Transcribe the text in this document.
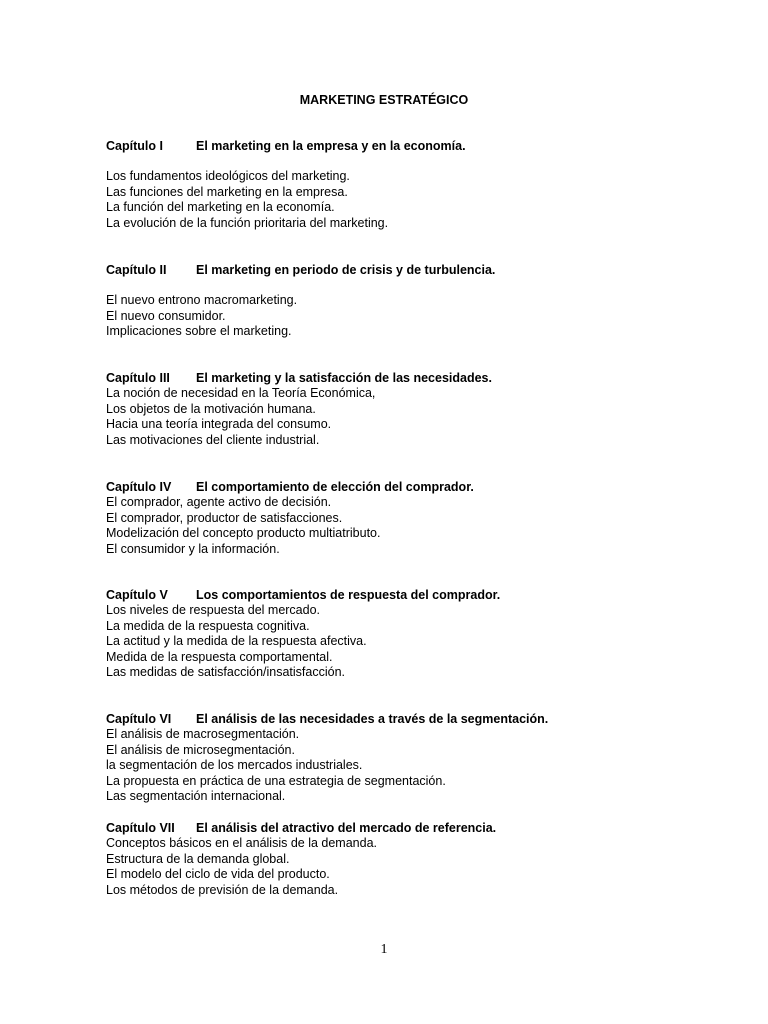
MARKETING ESTRATÉGICO
Capítulo I	El marketing en la empresa y en la economía.
Los fundamentos ideológicos del marketing.
Las funciones del marketing en la empresa.
La función del marketing en la economía.
La evolución de la función prioritaria del marketing.
Capítulo II El marketing en periodo de crisis y de turbulencia.
El nuevo entrono macromarketing.
El nuevo consumidor.
Implicaciones sobre el marketing.
Capítulo III El marketing y la satisfacción de las necesidades.
La noción de necesidad en la Teoría Económica,
Los objetos de la motivación humana.
Hacia una teoría integrada del consumo.
Las motivaciones del cliente industrial.
Capítulo IV El comportamiento de elección del comprador.
El comprador, agente activo de decisión.
El comprador, productor de satisfacciones.
Modelización del concepto producto multiatributo.
El consumidor y la información.
Capítulo V Los comportamientos de respuesta del comprador.
Los niveles de respuesta del mercado.
La medida de la respuesta cognitiva.
La actitud y la medida de la respuesta afectiva.
Medida de la respuesta comportamental.
Las medidas de satisfacción/insatisfacción.
Capítulo VI El análisis de las necesidades a través de la segmentación.
El análisis de macrosegmentación.
El análisis de microsegmentación.
la segmentación de los mercados industriales.
La propuesta en práctica de una estrategia de segmentación.
Las segmentación internacional.
Capítulo VII El análisis del atractivo del mercado de referencia.
Conceptos básicos en el análisis de la demanda.
Estructura de la demanda global.
El modelo del ciclo de vida del producto.
Los métodos de previsión de la demanda.
1
